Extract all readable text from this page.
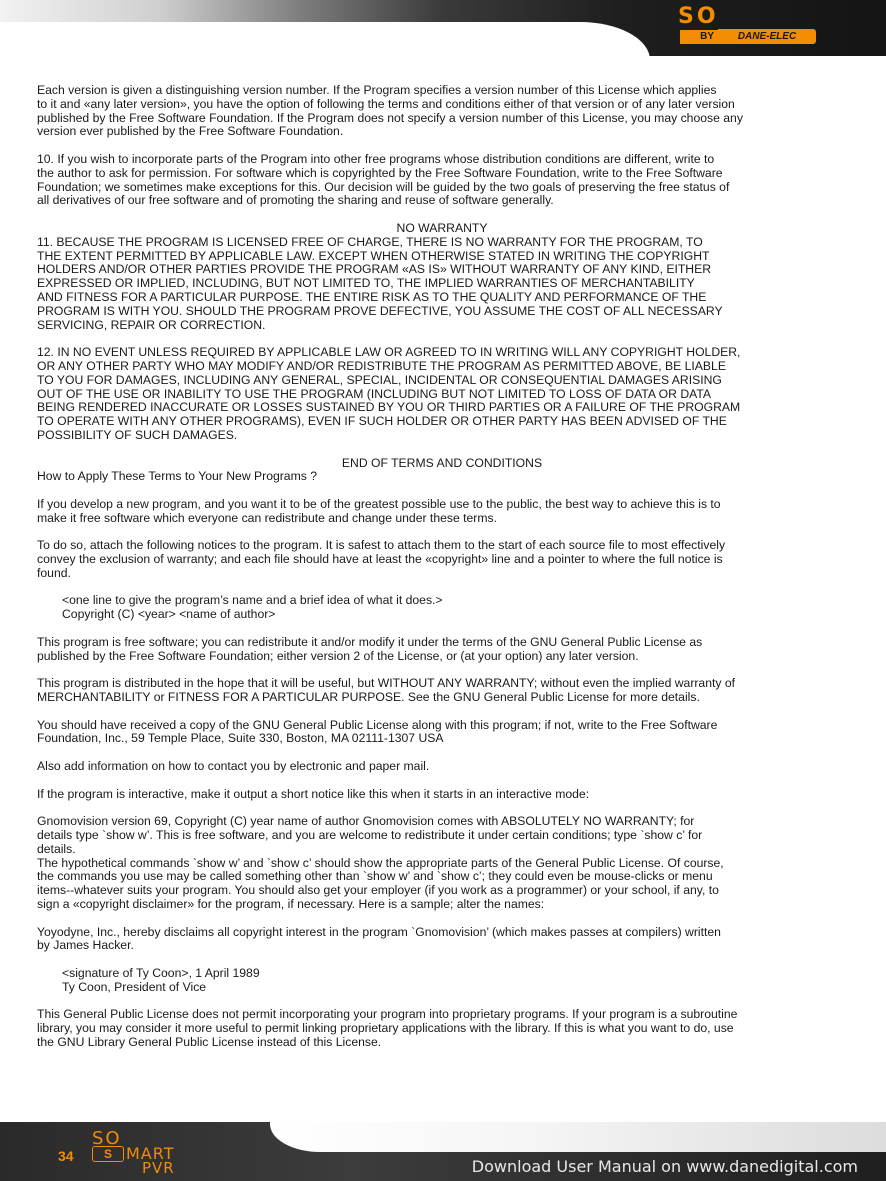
SO
BY	DANE-ELEC

Each version is given a distinguishing version number. If the Program specifies a version number of this License which applies
to it and «any later version», you have the option of following the terms and conditions either of that version or of any later version
published by the Free Software Foundation. If the Program does not specify a version number of this License, you may choose any
version ever published by the Free Software Foundation.

10. If you wish to incorporate parts of the Program into other free programs whose distribution conditions are different, write to
the author to ask for permission. For software which is copyrighted by the Free Software Foundation, write to the Free Software
Foundation; we sometimes make exceptions for this. Our decision will be guided by the two goals of preserving the free status of
all derivatives of our free software and of promoting the sharing and reuse of software generally.

NO WARRANTY

11. BECAUSE THE PROGRAM IS LICENSED FREE OF CHARGE, THERE IS NO WARRANTY FOR THE PROGRAM, TO
THE EXTENT PERMITTED BY APPLICABLE LAW. EXCEPT WHEN OTHERWISE STATED IN WRITING THE COPYRIGHT
HOLDERS AND/OR OTHER PARTIES PROVIDE THE PROGRAM «AS IS» WITHOUT WARRANTY OF ANY KIND, EITHER
EXPRESSED OR IMPLIED, INCLUDING, BUT NOT LIMITED TO, THE IMPLIED WARRANTIES OF MERCHANTABILITY
AND FITNESS FOR A PARTICULAR PURPOSE. THE ENTIRE RISK AS TO THE QUALITY AND PERFORMANCE OF THE
PROGRAM IS WITH YOU. SHOULD THE PROGRAM PROVE DEFECTIVE, YOU ASSUME THE COST OF ALL NECESSARY
SERVICING, REPAIR OR CORRECTION.

12. IN NO EVENT UNLESS REQUIRED BY APPLICABLE LAW OR AGREED TO IN WRITING WILL ANY COPYRIGHT HOLDER,
OR ANY OTHER PARTY WHO MAY MODIFY AND/OR REDISTRIBUTE THE PROGRAM AS PERMITTED ABOVE, BE LIABLE
TO YOU FOR DAMAGES, INCLUDING ANY GENERAL, SPECIAL, INCIDENTAL OR CONSEQUENTIAL DAMAGES ARISING
OUT OF THE USE OR INABILITY TO USE THE PROGRAM (INCLUDING BUT NOT LIMITED TO LOSS OF DATA OR DATA
BEING RENDERED INACCURATE OR LOSSES SUSTAINED BY YOU OR THIRD PARTIES OR A FAILURE OF THE PROGRAM
TO OPERATE WITH ANY OTHER PROGRAMS), EVEN IF SUCH HOLDER OR OTHER PARTY HAS BEEN ADVISED OF THE
POSSIBILITY OF SUCH DAMAGES.

END OF TERMS AND CONDITIONS

How to Apply These Terms to Your New Programs ?

If you develop a new program, and you want it to be of the greatest possible use to the public, the best way to achieve this is to
make it free software which everyone can redistribute and change under these terms.

To do so, attach the following notices to the program. It is safest to attach them to the start of each source file to most effectively
convey the exclusion of warranty; and each file should have at least the «copyright» line and a pointer to where the full notice is
found.

<one line to give the program’s name and a brief idea of what it does.>
Copyright (C) <year> <name of author>

This program is free software; you can redistribute it and/or modify it under the terms of the GNU General Public License as
published by the Free Software Foundation; either version 2 of the License, or (at your option) any later version.

This program is distributed in the hope that it will be useful, but WITHOUT ANY WARRANTY; without even the implied warranty of
MERCHANTABILITY or FITNESS FOR A PARTICULAR PURPOSE. See the GNU General Public License for more details.

You should have received a copy of the GNU General Public License along with this program; if not, write to the Free Software
Foundation, Inc., 59 Temple Place, Suite 330, Boston, MA 02111-1307 USA

Also add information on how to contact you by electronic and paper mail.

If the program is interactive, make it output a short notice like this when it starts in an interactive mode:

Gnomovision version 69, Copyright (C) year name of author Gnomovision comes with ABSOLUTELY NO WARRANTY; for
details type `show w’. This is free software, and you are welcome to redistribute it under certain conditions; type `show c’ for
details.

The hypothetical commands `show w’ and `show c’ should show the appropriate parts of the General Public License. Of course,
the commands you use may be called something other than `show w’ and `show c’; they could even be mouse-clicks or menu
items--whatever suits your program. You should also get your employer (if you work as a programmer) or your school, if any, to
sign a «copyright disclaimer» for the program, if necessary. Here is a sample; alter the names:

Yoyodyne, Inc., hereby disclaims all copyright interest in the program `Gnomovision’ (which makes passes at compilers) written
by James Hacker.

<signature of Ty Coon>, 1 April 1989
Ty Coon, President of Vice

This General Public License does not permit incorporating your program into proprietary programs. If your program is a subroutine
library, you may consider it more useful to permit linking proprietary applications with the library. If this is what you want to do, use
the GNU Library General Public License instead of this License.

34
SO
S MART
PVR	Download User Manual on www.danedigital.com
